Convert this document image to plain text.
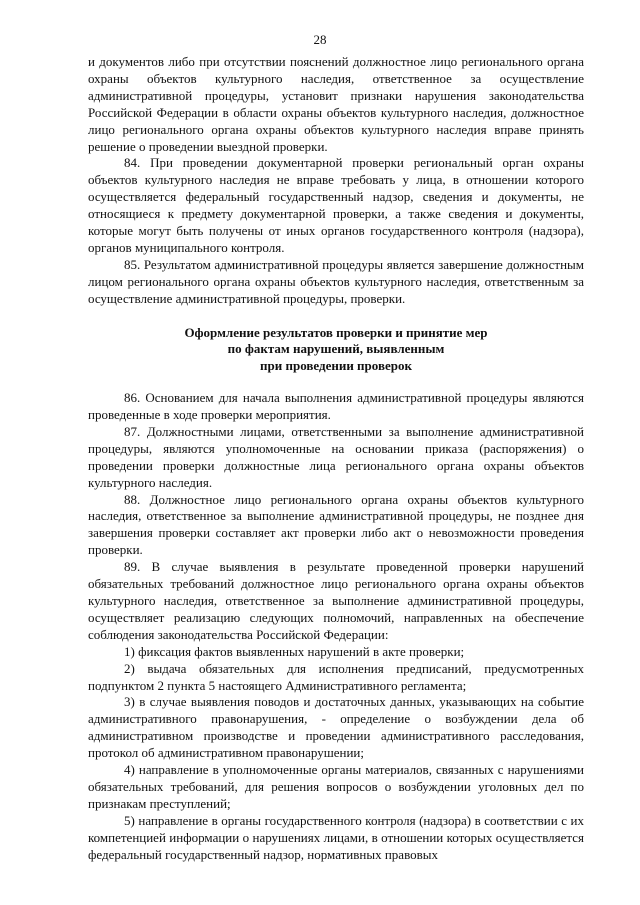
28

и документов либо при отсутствии пояснений должностное лицо регионального органа охраны объектов культурного наследия, ответственное за осуществление административной процедуры, установит признаки нарушения законодательства Российской Федерации в области охраны объектов культурного наследия, должностное лицо регионального органа охраны объектов культурного наследия вправе принять решение о проведении выездной проверки.

84. При проведении документарной проверки региональный орган охраны объектов культурного наследия не вправе требовать у лица, в отношении которого осуществляется федеральный государственный надзор, сведения и документы, не относящиеся к предмету документарной проверки, а также сведения и документы, которые могут быть получены от иных органов государственного контроля (надзора), органов муниципального контроля.

85. Результатом административной процедуры является завершение должностным лицом регионального органа охраны объектов культурного наследия, ответственным за осуществление административной процедуры, проверки.

Оформление результатов проверки и принятие мер
по фактам нарушений, выявленным
при проведении проверок

86. Основанием для начала выполнения административной процедуры являются проведенные в ходе проверки мероприятия.

87. Должностными лицами, ответственными за выполнение административной процедуры, являются уполномоченные на основании приказа (распоряжения) о проведении проверки должностные лица регионального органа охраны объектов культурного наследия.

88. Должностное лицо регионального органа охраны объектов культурного наследия, ответственное за выполнение административной процедуры, не позднее дня завершения проверки составляет акт проверки либо акт о невозможности проведения проверки.

89. В случае выявления в результате проведенной проверки нарушений обязательных требований должностное лицо регионального органа охраны объектов культурного наследия, ответственное за выполнение административной процедуры, осуществляет реализацию следующих полномочий, направленных на обеспечение соблюдения законодательства Российской Федерации:

1) фиксация фактов выявленных нарушений в акте проверки;

2) выдача обязательных для исполнения предписаний, предусмотренных подпунктом 2 пункта 5 настоящего Административного регламента;

3) в случае выявления поводов и достаточных данных, указывающих на событие административного правонарушения, - определение о возбуждении дела об административном производстве и проведении административного расследования, протокол об административном правонарушении;

4) направление в уполномоченные органы материалов, связанных с нарушениями обязательных требований, для решения вопросов о возбуждении уголовных дел по признакам преступлений;

5) направление в органы государственного контроля (надзора) в соответствии с их компетенцией информации о нарушениях лицами, в отношении которых осуществляется федеральный государственный надзор, нормативных правовых
